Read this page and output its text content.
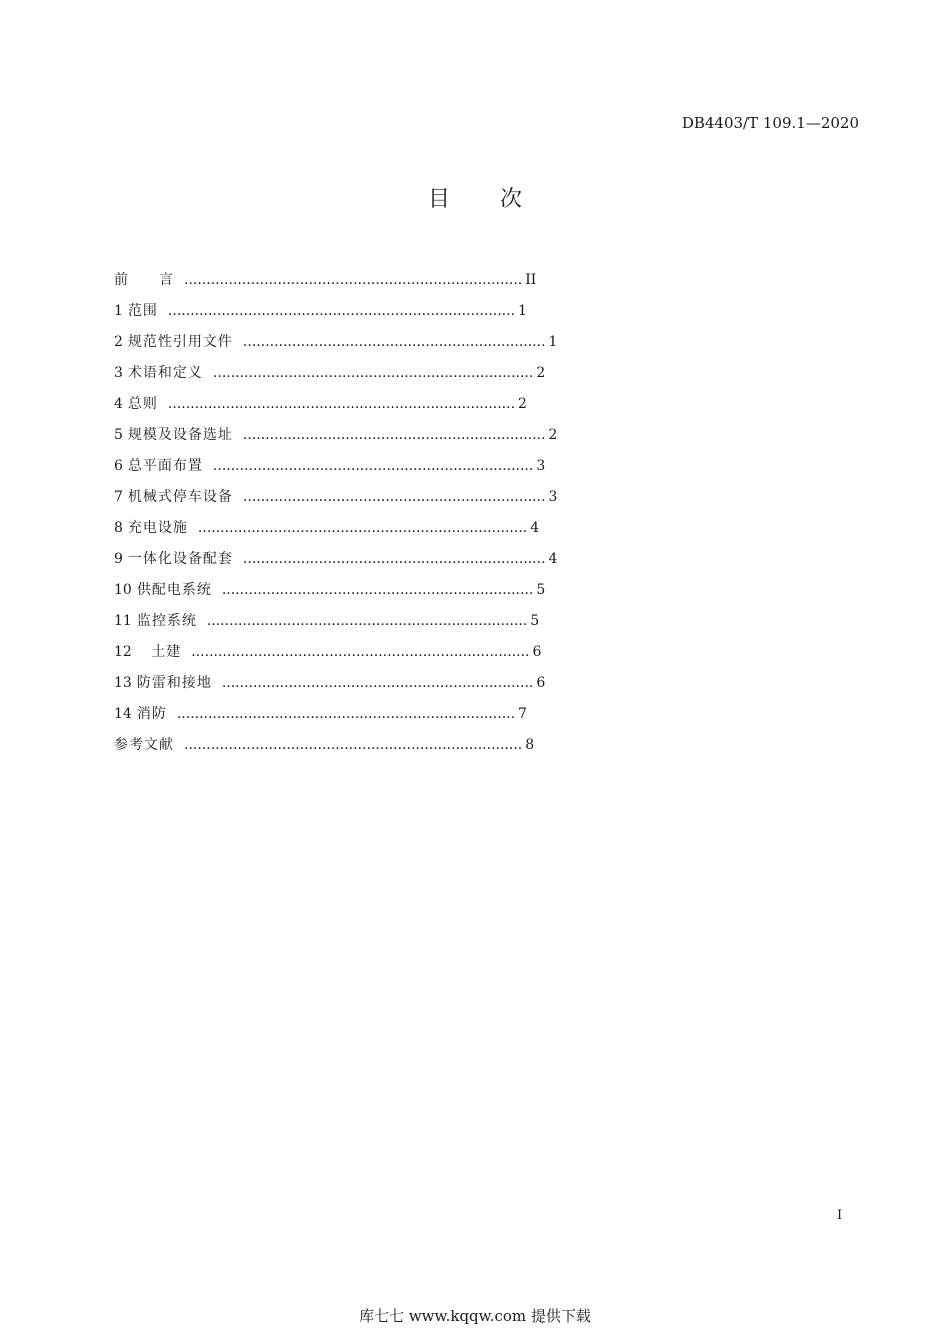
DB4403/T 109.1—2020
目 次
前　　言 ............................................................................ II
1 范围 .............................................................................. 1
2 规范性引用文件 .................................................................... 1
3 术语和定义 ........................................................................ 2
4 总则 .............................................................................. 2
5 规模及设备选址 .................................................................... 2
6 总平面布置 ........................................................................ 3
7 机械式停车设备 .................................................................... 3
8 充电设施 .......................................................................... 4
9 一体化设备配套 .................................................................... 4
10 供配电系统 ...................................................................... 5
11 监控系统 ........................................................................ 5
12 土建 ............................................................................ 6
13 防雷和接地 ...................................................................... 6
14 消防 ............................................................................ 7
参考文献 ............................................................................ 8
I
库七七 www.kqqw.com 提供下载
